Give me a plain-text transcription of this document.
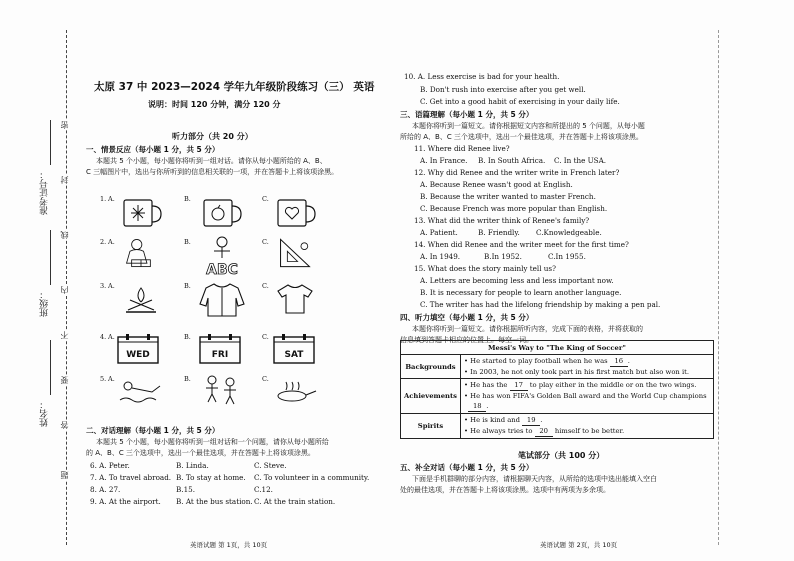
准考证号：
班级：
姓名：
密
封
线
内
不
要
答
题
太原 37 中 2023—2024 学年九年级阶段练习（三） 英语
说明：时间 120 分钟，满分 120 分
听力部分（共 20 分）
一、情景反应（每小题 1 分，共 5 分）
本题共 5 个小题，每小题你将听到一组对话。请你从每小题所给的 A、B、
C 三幅图片中，选出与你所听到的信息相关联的一项，并在答题卡上将该项涂黑。
1. A.	B.	C.
2. A.	B.
ABC
C.
3. A.	B.	C.
4. A.
WED
B.
FRI
C.
SAT
5. A.	B.	C.
二、对话理解（每小题 1 分，共 5 分）
本题共 5 个小题，每小题你将听到一组对话和一个问题，请你从每小题所给
的 A、B、C 三个选项中，选出一个最佳选项，并在答题卡上将该项涂黑。
6. A. Peter.	B. Linda.	C. Steve.
7. A. To travel abroad. B. To stay at home. C. To volunteer in a community.
8. A. 27.	B.15.	C.12.
9. A. At the airport. B. At the bus station. C. At the train station.
英语试题 第 1页，共 10页
10. A. Less exercise is bad for your health.
B. Don't rush into exercise after you get well.
C. Get into a good habit of exercising in your daily life.
三、语篇理解（每小题 1 分，共 5 分）
本题你将听到一篇短文。请你根据短文内容和所提出的 5 个问题，从每小题
所给的 A、B、C 三个选项中，选出一个最佳选项，并在答题卡上将该项涂黑。
11. Where did Renee live?
A. In France. B. In South Africa. C. In the USA.
12. Why did Renee and the writer write in French later?
A. Because Renee wasn't good at English.
B. Because the writer wanted to master French.
C. Because French was more popular than English.
13. What did the writer think of Renee's family?
A. Patient.	B. Friendly. C.Knowledgeable.
14. When did Renee and the writer meet for the first time?
A. In 1949.	B.In 1952.	C.In 1955.
15. What does the story mainly tell us?
A. Letters are becoming less and less important now.
B. It is necessary for people to learn another language.
C. The writer has had the lifelong friendship by making a pen pal.
四、听力填空（每小题 1 分，共 5 分）
本题你将听到一篇短文。请你根据所听内容，完成下面的表格，并将获取的
信息填到答题卡相应的位置上。每空一词。
Messi's Way to "The King of Soccer"	
Backgrounds	• He started to play football when he was 16 .
• In 2003, he not only took part in his first match but also won it.

Achievements	• He has the 17 to play either in the middle or on the two wings.
• He has won FIFA's Golden Ball award and the World Cup champions
18 .

Spirits	• He is kind and 19 .
• He always tries to 20 himself to be better.
笔试部分（共 100 分）
五、补全对话（每小题 1 分，共 5 分）
下面是手机群聊的部分内容，请根据聊天内容，从所给的选项中选出能填入空白
处的最佳选项，并在答题卡上将该项涂黑。选项中有两项为多余项。
英语试题 第 2页，共 10页
